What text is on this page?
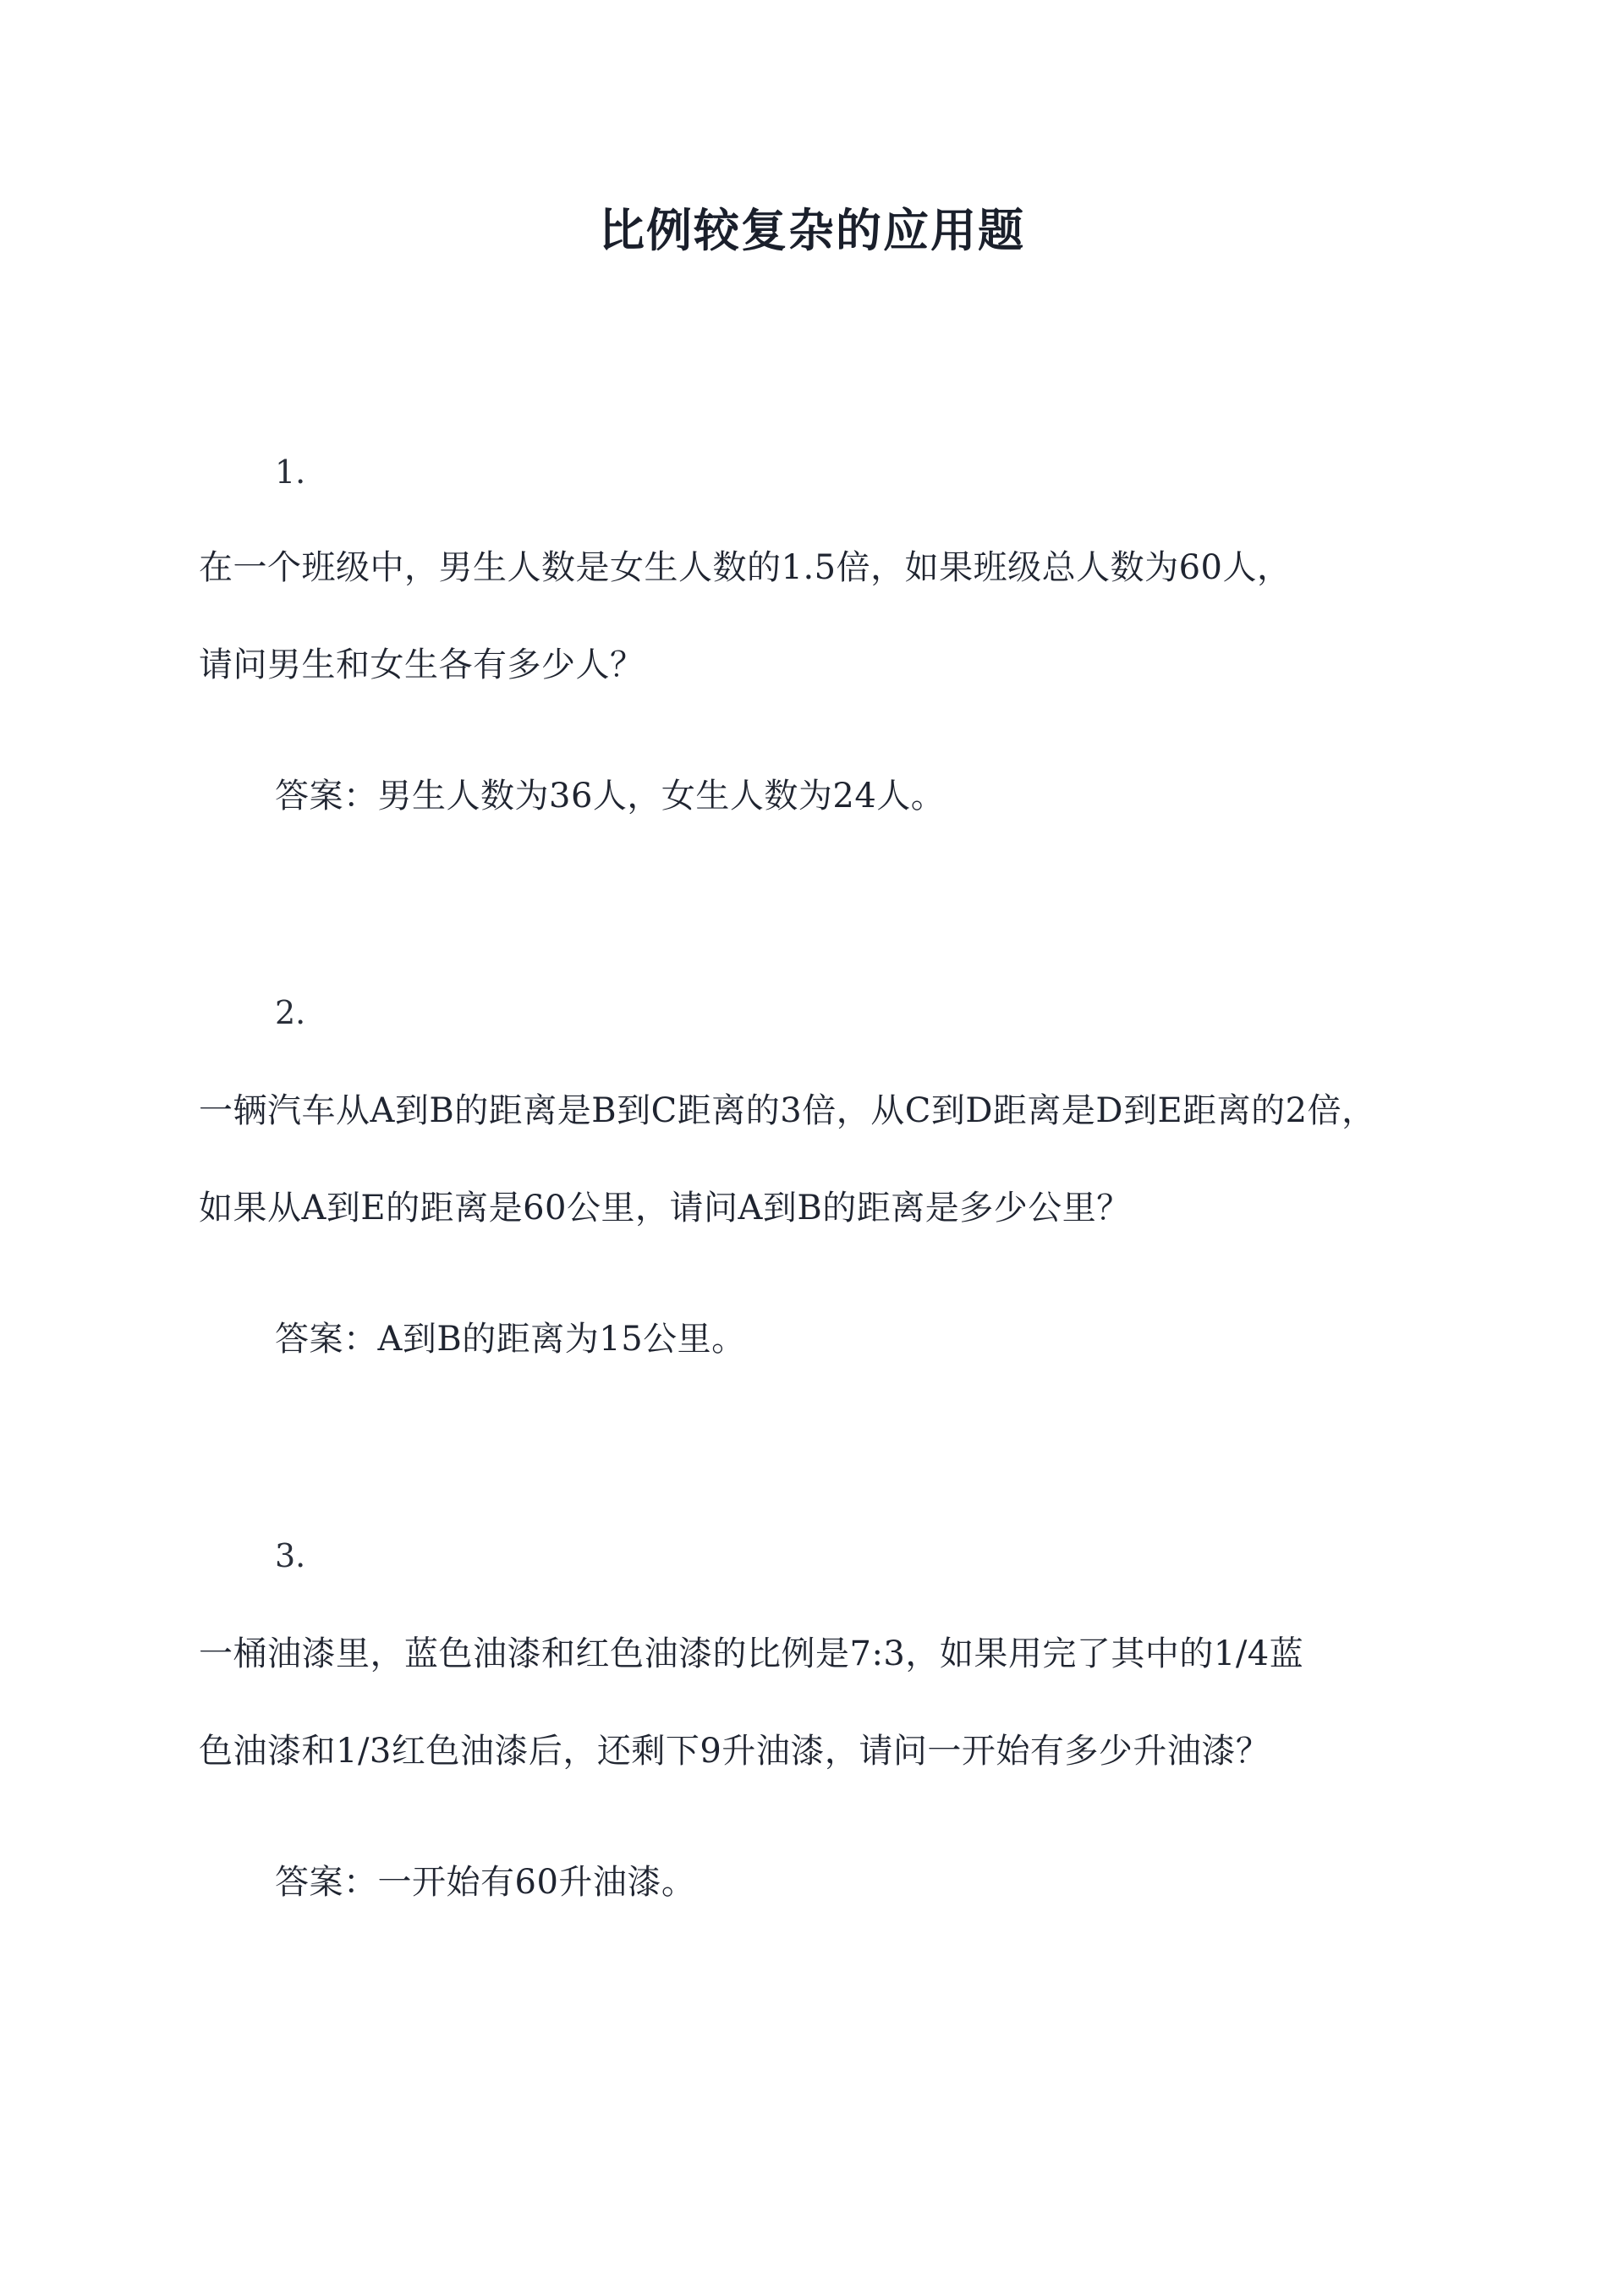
比例较复杂的应用题
1.
在一个班级中，男生人数是女生人数的1.5倍，如果班级总人数为60人，
请问男生和女生各有多少人？
答案：男生人数为36人，女生人数为24人。
2.
一辆汽车从A到B的距离是B到C距离的3倍，从C到D距离是D到E距离的2倍，
如果从A到E的距离是60公里，请问A到B的距离是多少公里？
答案：A到B的距离为15公里。
3.
一桶油漆里，蓝色油漆和红色油漆的比例是7:3，如果用完了其中的1/4蓝
色油漆和1/3红色油漆后，还剩下9升油漆，请问一开始有多少升油漆？
答案：一开始有60升油漆。
